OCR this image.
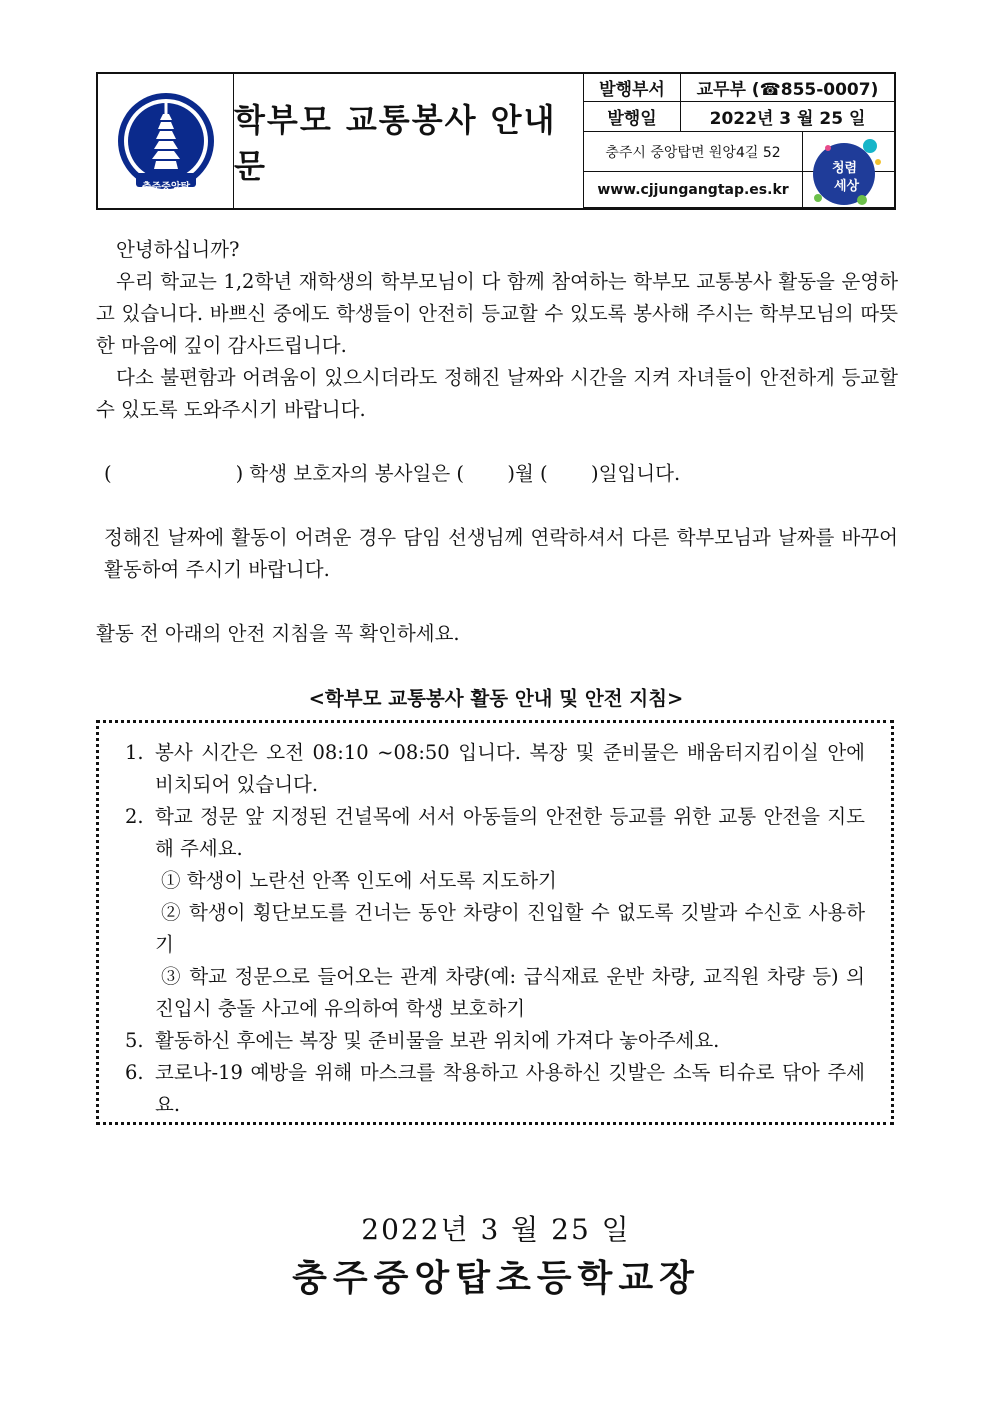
충주중앙탑
학부모 교통봉사 안내문
발행부서	교무부 (☎855-0007)
발행일	2022년 3 월 25 일
충주시 중앙탑면 원앙4길 52
www.cjjungangtap.es.kr
청렴
세상

안녕하십니까?

우리 학교는 1,2학년 재학생의 학부모님이 다 함께 참여하는 학부모 교통봉사 활동을 운영하고 있습니다. 바쁘신 중에도 학생들이 안전히 등교할 수 있도록 봉사해 주시는 학부모님의 따뜻한 마음에 깊이 감사드립니다.

다소 불편함과 어려움이 있으시더라도 정해진 날짜와 시간을 지켜 자녀들이 안전하게 등교할 수 있도록 도와주시기 바랍니다.

(                    ) 학생 보호자의 봉사일은 (       )월 (       )일입니다.

정해진 날짜에 활동이 어려운 경우 담임 선생님께 연락하셔서 다른 학부모님과 날짜를 바꾸어 활동하여 주시기 바랍니다.

활동 전 아래의 안전 지침을 꼭 확인하세요.

<학부모 교통봉사 활동 안내 및 안전 지침>
1. 봉사 시간은 오전 08:10 ~08:50 입니다. 복장 및 준비물은 배움터지킴이실 안에 비치되어 있습니다.
2. 학교 정문 앞 지정된 건널목에 서서 아동들의 안전한 등교를 위한 교통 안전을 지도해 주세요.
① 학생이 노란선 안쪽 인도에 서도록 지도하기
② 학생이 횡단보도를 건너는 동안 차량이 진입할 수 없도록 깃발과 수신호 사용하기
③ 학교 정문으로 들어오는 관계 차량(예: 급식재료 운반 차량, 교직원 차량 등) 의 진입시 충돌 사고에 유의하여 학생 보호하기
5. 활동하신 후에는 복장 및 준비물을 보관 위치에 가져다 놓아주세요.
6. 코로나-19 예방을 위해 마스크를 착용하고 사용하신 깃발은 소독 티슈로 닦아 주세요.
2022년 3 월 25 일
충주중앙탑초등학교장
